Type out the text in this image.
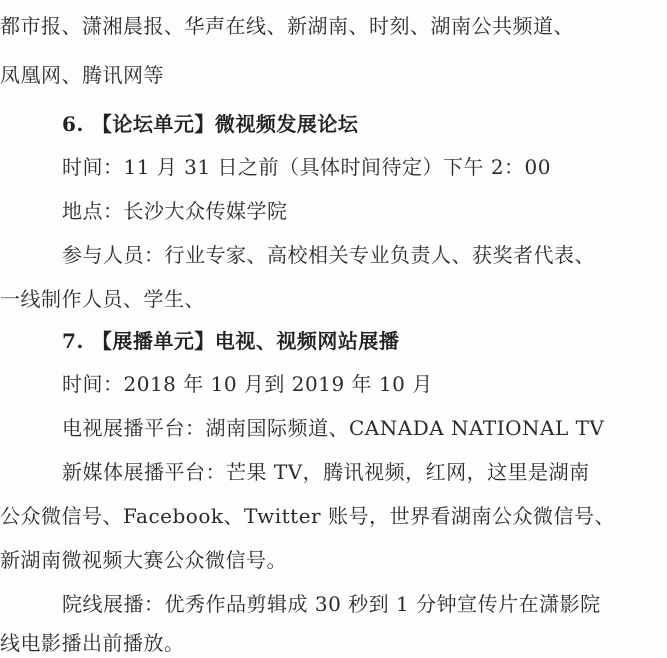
都市报、潇湘晨报、华声在线、新湖南、时刻、湖南公共频道、
凤凰网、腾讯网等
6. 【论坛单元】微视频发展论坛
时间：11 月 31 日之前（具体时间待定）下午 2：00
地点：长沙大众传媒学院
参与人员：行业专家、高校相关专业负责人、获奖者代表、
一线制作人员、学生、
7. 【展播单元】电视、视频网站展播
时间：2018 年 10 月到 2019 年 10 月
电视展播平台：湖南国际频道、CANADA NATIONAL TV
新媒体展播平台：芒果 TV，腾讯视频，红网，这里是湖南
公众微信号、Facebook、Twitter 账号，世界看湖南公众微信号、
新湖南微视频大赛公众微信号。
院线展播：优秀作品剪辑成 30 秒到 1 分钟宣传片在潇影院
线电影播出前播放。
